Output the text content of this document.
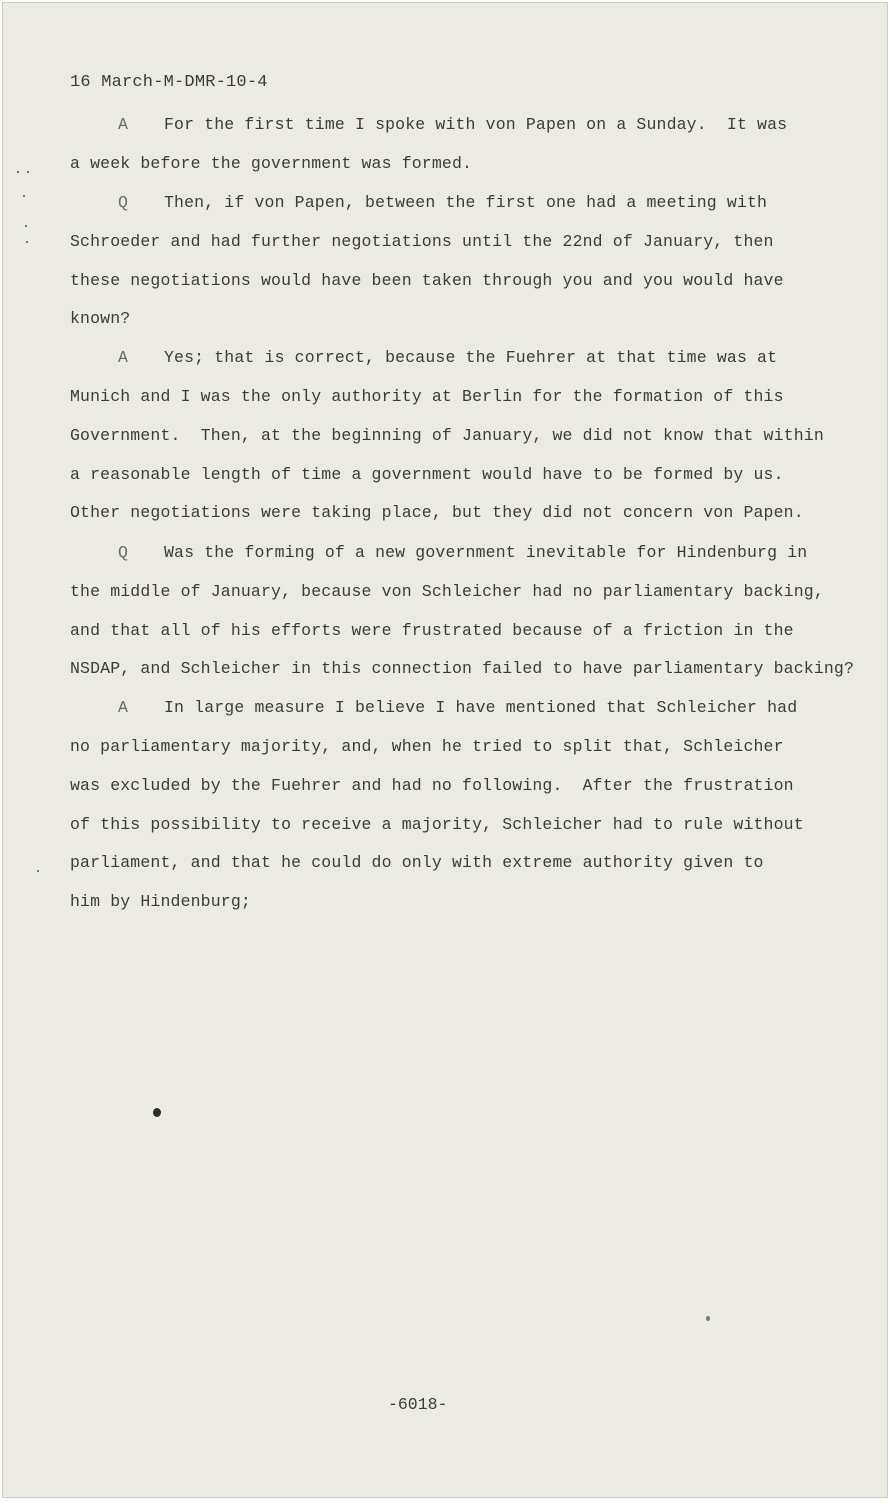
16 March-M-DMR-10-4
A For the first time I spoke with von Papen on a Sunday.  It was
a week before the government was formed.
Q Then, if von Papen, between the first one had a meeting with
Schroeder and had further negotiations until the 22nd of January, then
these negotiations would have been taken through you and you would have
known?
A Yes; that is correct, because the Fuehrer at that time was at
Munich and I was the only authority at Berlin for the formation of this
Government.  Then, at the beginning of January, we did not know that within
a reasonable length of time a government would have to be formed by us.
Other negotiations were taking place, but they did not concern von Papen.
Q Was the forming of a new government inevitable for Hindenburg in
the middle of January, because von Schleicher had no parliamentary backing,
and that all of his efforts were frustrated because of a friction in the
NSDAP, and Schleicher in this connection failed to have parliamentary backing?
A In large measure I believe I have mentioned that Schleicher had
no parliamentary majority, and, when he tried to split that, Schleicher
was excluded by the Fuehrer and had no following.  After the frustration
of this possibility to receive a majority, Schleicher had to rule without
parliament, and that he could do only with extreme authority given to
him by Hindenburg;
-6018-
